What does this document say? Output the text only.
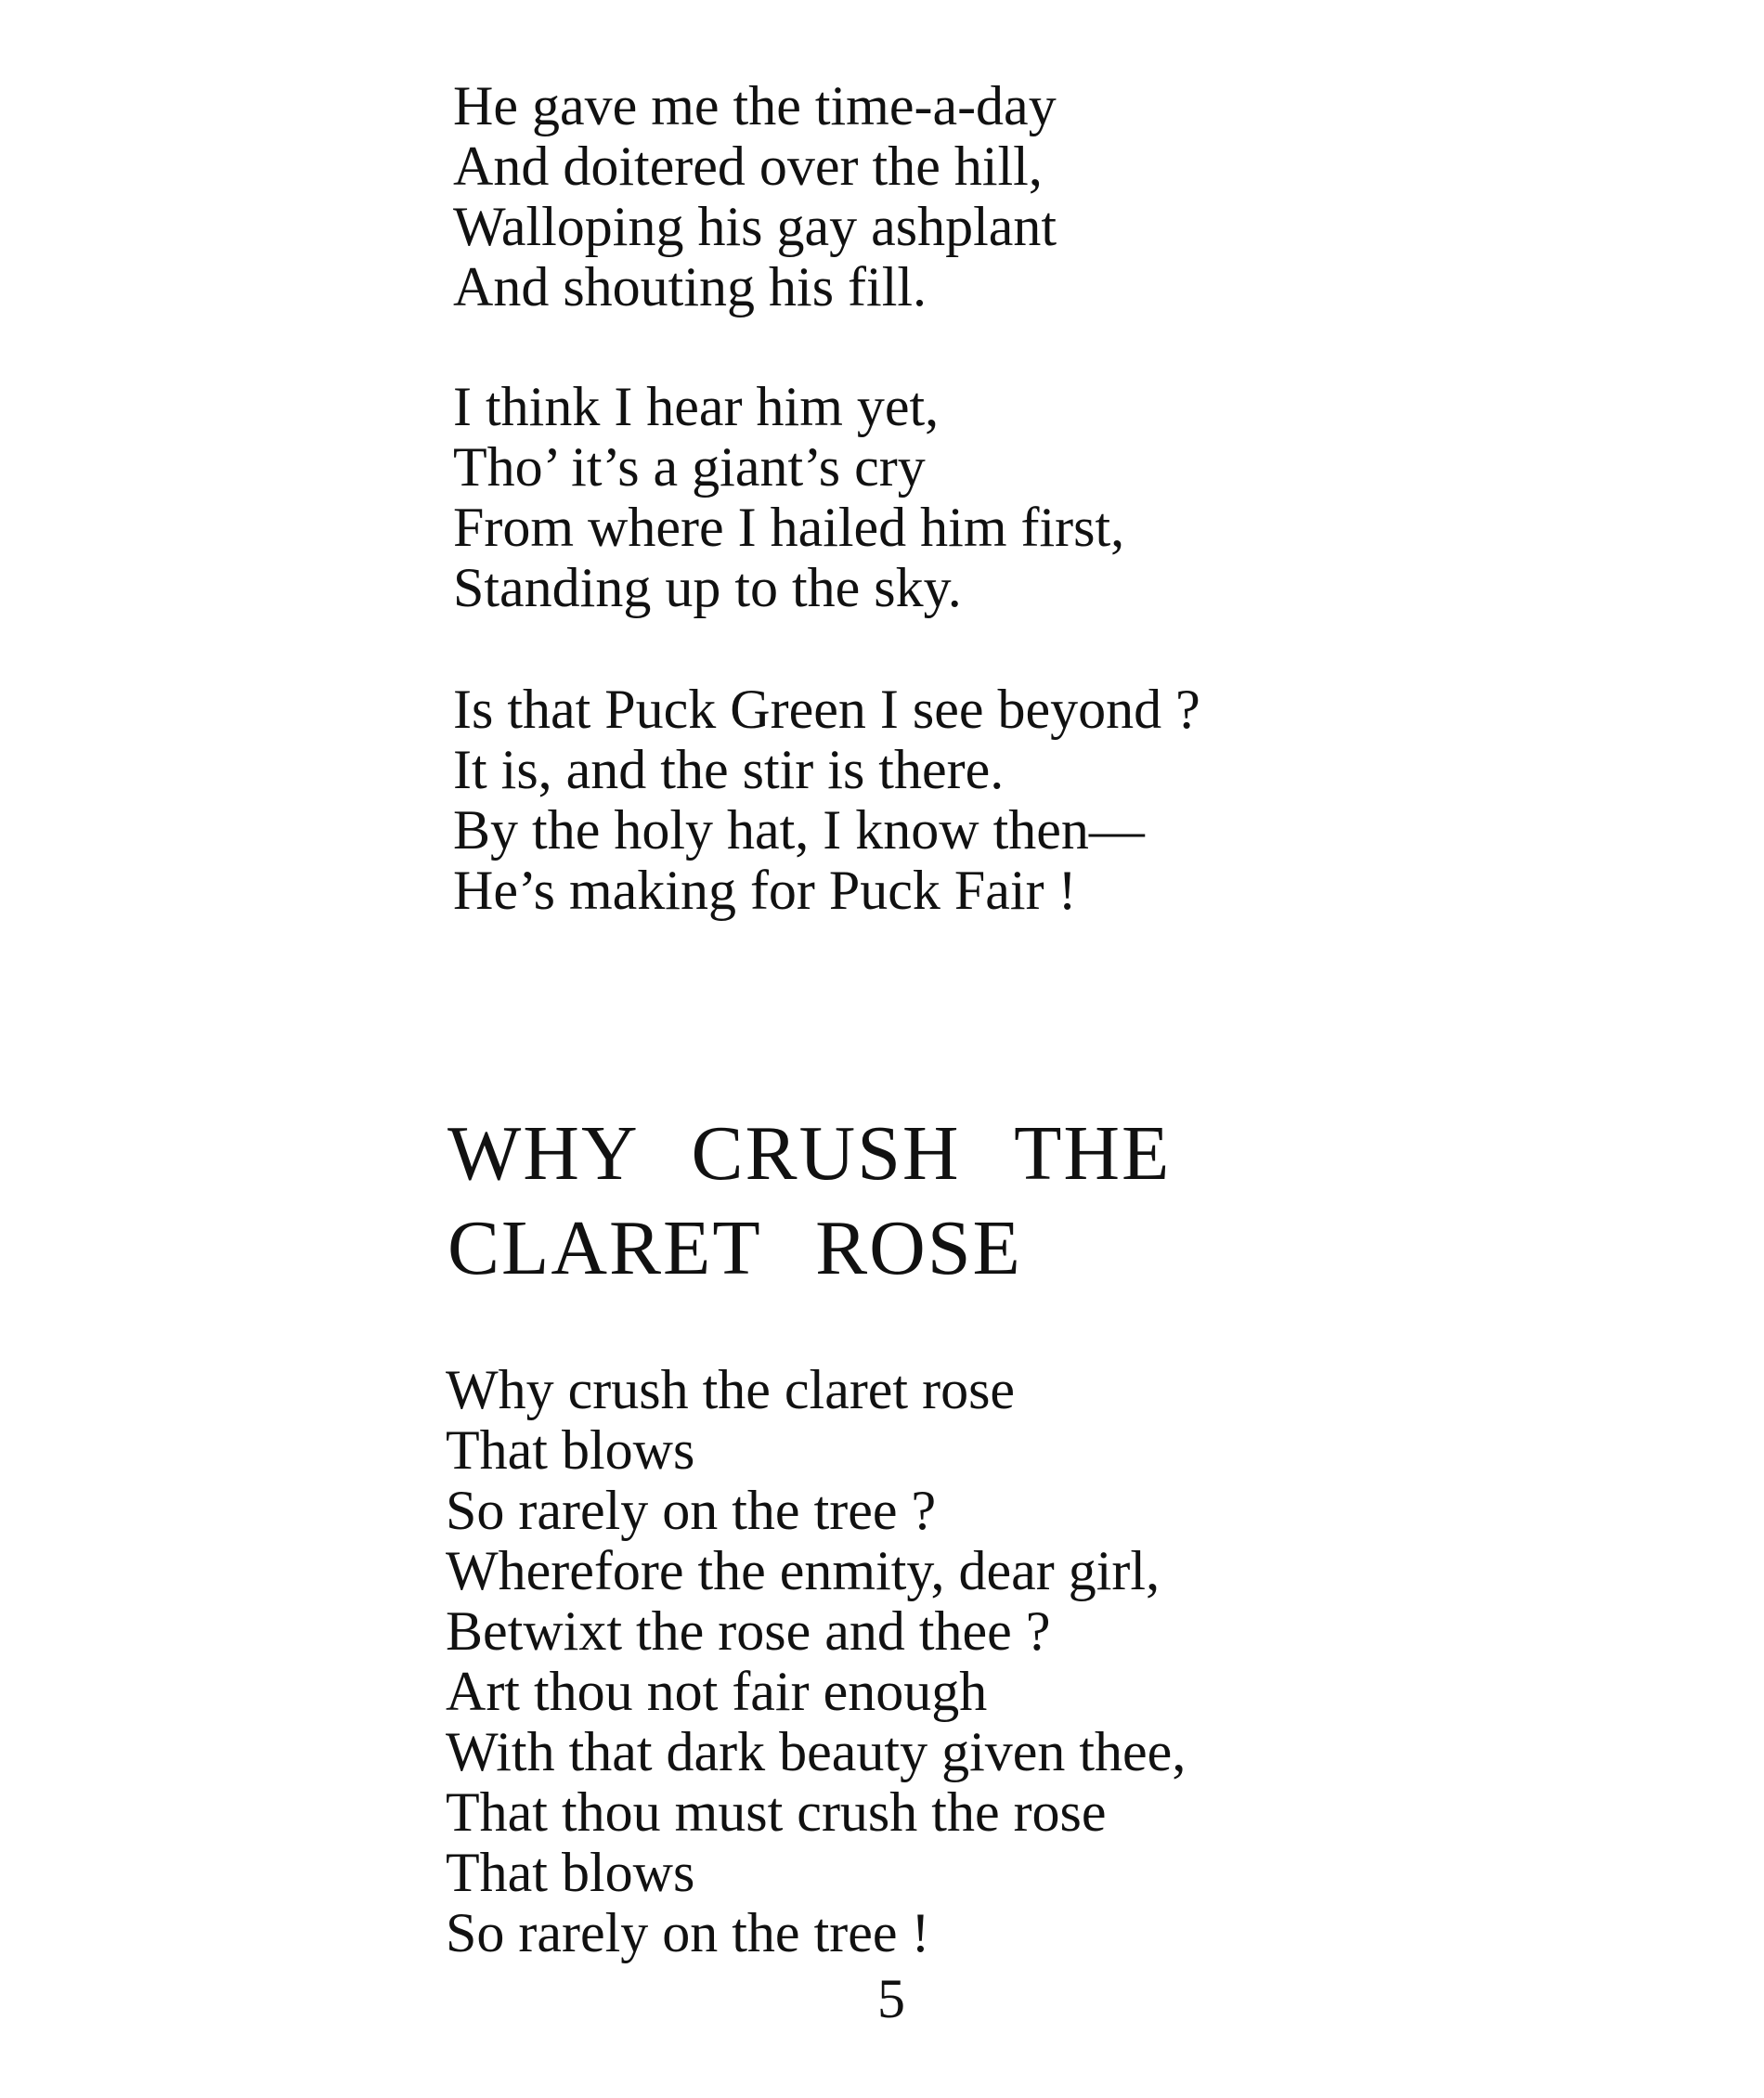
He gave me the time-a-day
And doitered over the hill,
Walloping his gay ashplant
And shouting his fill.
I think I hear him yet,
Tho’ it’s a giant’s cry
From where I hailed him first,
Standing up to the sky.
Is that Puck Green I see beyond ?
It is, and the stir is there.
By the holy hat, I know then—
He’s making for Puck Fair !
WHY CRUSH THE
CLARET ROSE
Why crush the claret rose
That blows
So rarely on the tree ?
Wherefore the enmity, dear girl,
Betwixt the rose and thee ?
Art thou not fair enough
With that dark beauty given thee,
That thou must crush the rose
That blows
So rarely on the tree !
5
